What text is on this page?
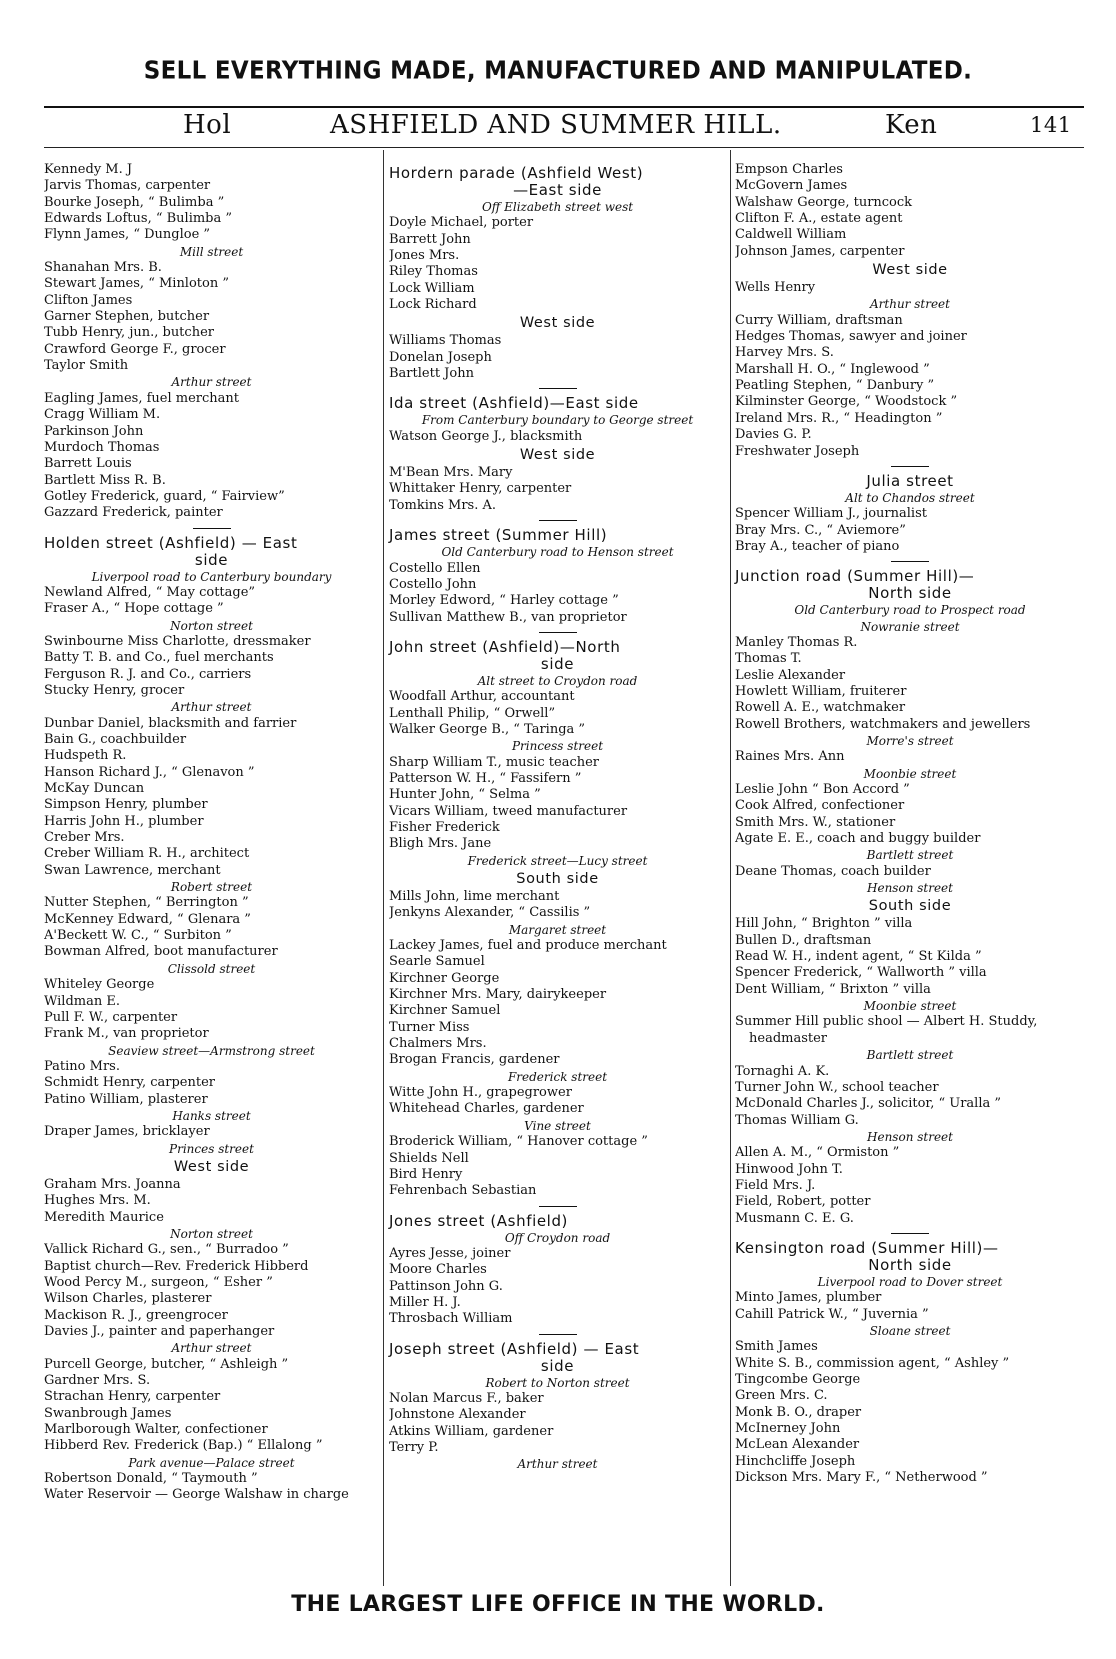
SELL EVERYTHING MADE, MANUFACTURED AND MANIPULATED.
Hol	ASHFIELD AND SUMMER HILL.	Ken	141
Kennedy M. J
Jarvis Thomas, carpenter
Bourke Joseph, “ Bulimba ”
Edwards Loftus, “ Bulimba ”
Flynn James, “ Dungloe ”
Mill street
Shanahan Mrs. B.
Stewart James, “ Minloton ”
Clifton James
Garner Stephen, butcher
Tubb Henry, jun., butcher
Crawford George F., grocer
Taylor Smith
Arthur street
Eagling James, fuel merchant
Cragg William M.
Parkinson John
Murdoch Thomas
Barrett Louis
Bartlett Miss R. B.
Gotley Frederick, guard, “ Fairview”
Gazzard Frederick, painter
Holden street (Ashfield) — East
side
Liverpool road to Canterbury boundary
Newland Alfred, “ May cottage”
Fraser A., “ Hope cottage ”
Norton street
Swinbourne Miss Charlotte, dressmaker
Batty T. B. and Co., fuel merchants
Ferguson R. J. and Co., carriers
Stucky Henry, grocer
Arthur street
Dunbar Daniel, blacksmith and farrier
Bain G., coachbuilder
Hudspeth R.
Hanson Richard J., “ Glenavon ”
McKay Duncan
Simpson Henry, plumber
Harris John H., plumber
Creber Mrs.
Creber William R. H., architect
Swan Lawrence, merchant
Robert street
Nutter Stephen, “ Berrington ”
McKenney Edward, “ Glenara ”
A'Beckett W. C., “ Surbiton ”
Bowman Alfred, boot manufacturer
Clissold street
Whiteley George
Wildman E.
Pull F. W., carpenter
Frank M., van proprietor
Seaview street—Armstrong street
Patino Mrs.
Schmidt Henry, carpenter
Patino William, plasterer
Hanks street
Draper James, bricklayer
Princes street
West side
Graham Mrs. Joanna
Hughes Mrs. M.
Meredith Maurice
Norton street
Vallick Richard G., sen., “ Burradoo ”
Baptist church—Rev. Frederick Hibberd
Wood Percy M., surgeon, “ Esher ”
Wilson Charles, plasterer
Mackison R. J., greengrocer
Davies J., painter and paperhanger
Arthur street
Purcell George, butcher, “ Ashleigh ”
Gardner Mrs. S.
Strachan Henry, carpenter
Swanbrough James
Marlborough Walter, confectioner
Hibberd Rev. Frederick (Bap.) “ Ellalong ”
Park avenue—Palace street
Robertson Donald, “ Taymouth ”
Water Reservoir — George Walshaw in charge
Hordern parade (Ashfield West)
—East side
Off Elizabeth street west
Doyle Michael, porter
Barrett John
Jones Mrs.
Riley Thomas
Lock William
Lock Richard
West side
Williams Thomas
Donelan Joseph
Bartlett John
Ida street (Ashfield)—East side
From Canterbury boundary to George street
Watson George J., blacksmith
West side
M'Bean Mrs. Mary
Whittaker Henry, carpenter
Tomkins Mrs. A.
James street (Summer Hill)
Old Canterbury road to Henson street
Costello Ellen
Costello John
Morley Edword, “ Harley cottage ”
Sullivan Matthew B., van proprietor
John street (Ashfield)—North
side
Alt street to Croydon road
Woodfall Arthur, accountant
Lenthall Philip, “ Orwell”
Walker George B., “ Taringa ”
Princess street
Sharp William T., music teacher
Patterson W. H., “ Fassifern ”
Hunter John, “ Selma ”
Vicars William, tweed manufacturer
Fisher Frederick
Bligh Mrs. Jane
Frederick street—Lucy street
South side
Mills John, lime merchant
Jenkyns Alexander, “ Cassilis ”
Margaret street
Lackey James, fuel and produce merchant
Searle Samuel
Kirchner George
Kirchner Mrs. Mary, dairykeeper
Kirchner Samuel
Turner Miss
Chalmers Mrs.
Brogan Francis, gardener
Frederick street
Witte John H., grapegrower
Whitehead Charles, gardener
Vine street
Broderick William, “ Hanover cottage ”
Shields Nell
Bird Henry
Fehrenbach Sebastian
Jones street (Ashfield)
Off Croydon road
Ayres Jesse, joiner
Moore Charles
Pattinson John G.
Miller H. J.
Throsbach William
Joseph street (Ashfield) — East
side
Robert to Norton street
Nolan Marcus F., baker
Johnstone Alexander
Atkins William, gardener
Terry P.
Arthur street
Empson Charles
McGovern James
Walshaw George, turncock
Clifton F. A., estate agent
Caldwell William
Johnson James, carpenter
West side
Wells Henry
Arthur street
Curry William, draftsman
Hedges Thomas, sawyer and joiner
Harvey Mrs. S.
Marshall H. O., “ Inglewood ”
Peatling Stephen, “ Danbury ”
Kilminster George, “ Woodstock ”
Ireland Mrs. R., “ Headington ”
Davies G. P.
Freshwater Joseph
Julia street
Alt to Chandos street
Spencer William J., journalist
Bray Mrs. C., “ Aviemore”
Bray A., teacher of piano
Junction road (Summer Hill)—
North side
Old Canterbury road to Prospect road
Nowranie street
Manley Thomas R.
Thomas T.
Leslie Alexander
Howlett William, fruiterer
Rowell A. E., watchmaker
Rowell Brothers, watchmakers and jewellers
Morre's street
Raines Mrs. Ann
Moonbie street
Leslie John “ Bon Accord ”
Cook Alfred, confectioner
Smith Mrs. W., stationer
Agate E. E., coach and buggy builder
Bartlett street
Deane Thomas, coach builder
Henson street
South side
Hill John, “ Brighton ” villa
Bullen D., draftsman
Read W. H., indent agent, “ St Kilda ”
Spencer Frederick, “ Wallworth ” villa
Dent William, “ Brixton ” villa
Moonbie street
Summer Hill public shool — Albert H. Studdy, headmaster
Bartlett street
Tornaghi A. K.
Turner John W., school teacher
McDonald Charles J., solicitor, “ Uralla ”
Thomas William G.
Henson street
Allen A. M., “ Ormiston ”
Hinwood John T.
Field Mrs. J.
Field, Robert, potter
Musmann C. E. G.
Kensington road (Summer Hill)—
North side
Liverpool road to Dover street
Minto James, plumber
Cahill Patrick W., “ Juvernia ”
Sloane street
Smith James
White S. B., commission agent, “ Ashley ”
Tingcombe George
Green Mrs. C.
Monk B. O., draper
McInerney John
McLean Alexander
Hinchcliffe Joseph
Dickson Mrs. Mary F., “ Netherwood ”
THE LARGEST LIFE OFFICE IN THE WORLD.
